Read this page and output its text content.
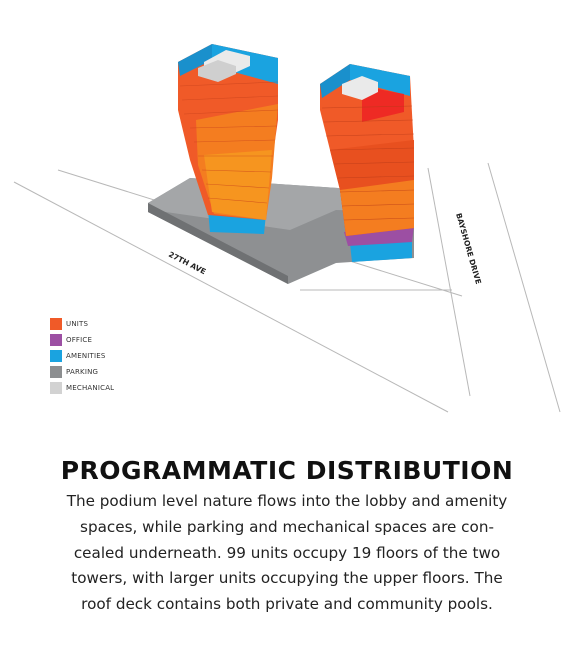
27TH AVE	BAYSHORE DRIVE
UNITS
OFFICE
AMENITIES
PARKING
MECHANICAL
PROGRAMMATIC DISTRIBUTION
The podium level nature flows into the lobby and amenity
spaces, while parking and mechanical spaces are con-
cealed underneath. 99 units occupy 19 floors of the two
towers, with larger units occupying the upper floors. The
roof deck contains both private and community pools.
